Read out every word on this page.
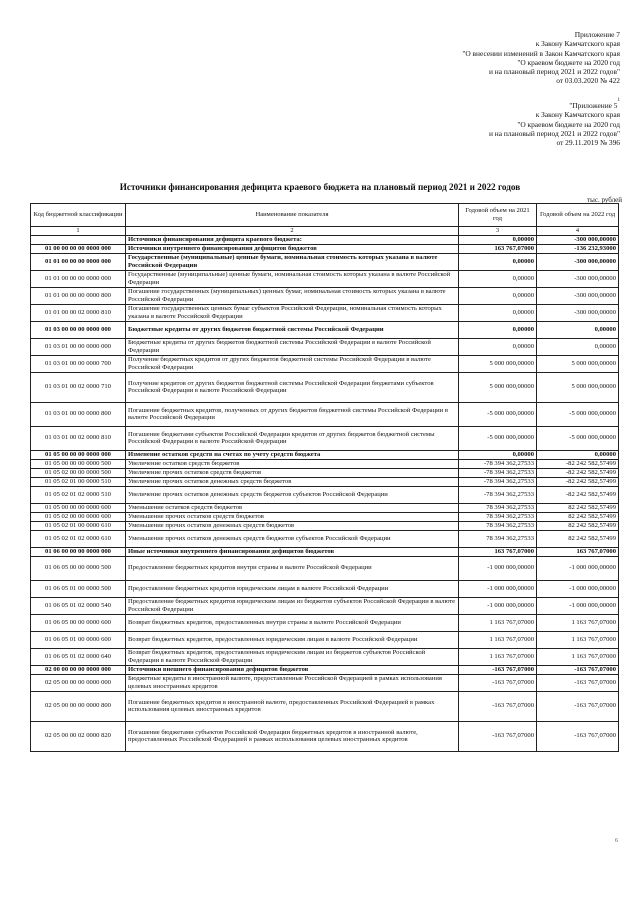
Приложение 7
к Закону Камчатского края
"О внесении изменений в Закон Камчатского края
"О краевом бюджете на 2020 год
и на плановый период 2021 и 2022 годов"
от 03.03.2020 № 422
"Приложение $5^1$
к Закону Камчатского края
"О краевом бюджете на 2020 год
и на плановый период 2021 и 2022 годов"
от 29.11.2019 № 396
Источники финансирования дефицита краевого бюджета на плановый период 2021 и 2022 годов
тыс. рублей
Код бюджетной классификации	Наименование показателя	Годовой объем на 2021 год	Годовой объем на 2022 год
1	2	3	4
	Источники финансирования дефицита краевого бюджета:	0,00000	-300 000,00000
01 00 00 00 00 0000 000	Источники внутреннего финансирования дефицитов бюджетов	163 767,07000	-136 232,93000
01 01 00 00 00 0000 000	Государственные (муниципальные) ценные бумаги, номинальная стоимость которых указана в валюте Российской Федерации	0,00000	-300 000,00000
01 01 00 00 00 0000 000	Государственные (муниципальные) ценные бумаги, номинальная стоимость которых указана в валюте Российской Федерации	0,00000	-300 000,00000
01 01 00 00 00 0000 800	Погашение государственных (муниципальных) ценных бумаг, номинальная стоимость которых указана в валюте Российской Федерации	0,00000	-300 000,00000
01 01 00 00 02 0000 810	Погашение государственных ценных бумаг субъектов Российской Федерации, номинальная стоимость которых указана в валюте Российской Федерации	0,00000	-300 000,00000
01 03 00 00 00 0000 000	Бюджетные кредиты от других бюджетов бюджетной системы Российской Федерации	0,00000	0,00000
01 03 01 00 00 0000 000	Бюджетные кредиты от других бюджетов бюджетной системы Российской Федерации в валюте Российской Федерации	0,00000	0,00000
01 03 01 00 00 0000 700	Получение бюджетных кредитов от других бюджетов бюджетной системы Российской Федерации в валюте Российской Федерации	5 000 000,00000	5 000 000,00000
01 03 01 00 02 0000 710	Получение кредитов от других бюджетов бюджетной системы Российской Федерации бюджетами субъектов Российской Федерации в валюте Российской Федерации	5 000 000,00000	5 000 000,00000
01 03 01 00 00 0000 800	Погашение бюджетных кредитов, полученных от других бюджетов бюджетной системы Российской Федерации в валюте Российской Федерации	-5 000 000,00000	-5 000 000,00000
01 03 01 00 02 0000 810	Погашение бюджетами субъектов Российской Федерации кредитов от других бюджетов бюджетной системы Российской Федерации в валюте Российской Федерации	-5 000 000,00000	-5 000 000,00000
01 05 00 00 00 0000 000	Изменение остатков средств на счетах по учету средств бюджета	0,00000	0,00000
01 05 00 00 00 0000 500	Увеличение остатков средств бюджетов	-78 394 362,27533	-82 242 582,57499
01 05 02 00 00 0000 500	Увеличение прочих остатков средств бюджетов	-78 394 362,27533	-82 242 582,57499
01 05 02 01 00 0000 510	Увеличение прочих остатков денежных средств бюджетов	-78 394 362,27533	-82 242 582,57499
01 05 02 01 02 0000 510	Увеличение прочих остатков денежных средств бюджетов субъектов Российской Федерации	-78 394 362,27533	-82 242 582,57499
01 05 00 00 00 0000 600	Уменьшение остатков средств бюджетов	78 394 362,27533	82 242 582,57499
01 05 02 00 00 0000 600	Уменьшение прочих остатков средств бюджетов	78 394 362,27533	82 242 582,57499
01 05 02 01 00 0000 610	Уменьшение прочих остатков денежных средств бюджетов	78 394 362,27533	82 242 582,57499
01 05 02 01 02 0000 610	Уменьшение прочих остатков денежных средств бюджетов субъектов Российской Федерации	78 394 362,27533	82 242 582,57499
01 06 00 00 00 0000 000	Иные источники внутреннего финансирования дефицитов бюджетов	163 767,07000	163 767,07000
01 06 05 00 00 0000 500	Предоставление бюджетных кредитов внутри страны в валюте Российской Федерации	-1 000 000,00000	-1 000 000,00000
01 06 05 01 00 0000 500	Предоставление бюджетных кредитов юридическим лицам в валюте Российской Федерации	-1 000 000,00000	-1 000 000,00000
01 06 05 01 02 0000 540	Предоставление бюджетных кредитов юридическим лицам из бюджетов субъектов Российской Федерации в валюте Российской Федерации	-1 000 000,00000	-1 000 000,00000
01 06 05 00 00 0000 600	Возврат бюджетных кредитов, предоставленных внутри страны в валюте Российской Федерации	1 163 767,07000	1 163 767,07000
01 06 05 01 00 0000 600	Возврат бюджетных кредитов, предоставленных юридическим лицам в валюте Российской Федерации	1 163 767,07000	1 163 767,07000
01 06 05 01 02 0000 640	Возврат бюджетных кредитов, предоставленных юридическим лицам из бюджетов субъектов Российской Федерации в валюте Российской Федерации	1 163 767,07000	1 163 767,07000
02 00 00 00 00 0000 000	Источники внешнего финансирования дефицитов бюджетов	-163 767,07000	-163 767,07000
02 05 00 00 00 0000 000	Бюджетные кредиты в иностранной валюте, предоставленные Российской Федерацией в рамках использования целевых иностранных кредитов	-163 767,07000	-163 767,07000
02 05 00 00 00 0000 800	Погашение бюджетных кредитов в иностранной валюте, предоставленных Российской Федерацией в рамках использования целевых иностранных кредитов	-163 767,07000	-163 767,07000
02 05 00 00 02 0000 820	Погашение бюджетами субъектов Российской Федерации бюджетных кредитов в иностранной валюте, предоставленных Российской Федерацией в рамках использования целевых иностранных кредитов	-163 767,07000	-163 767,07000
6
